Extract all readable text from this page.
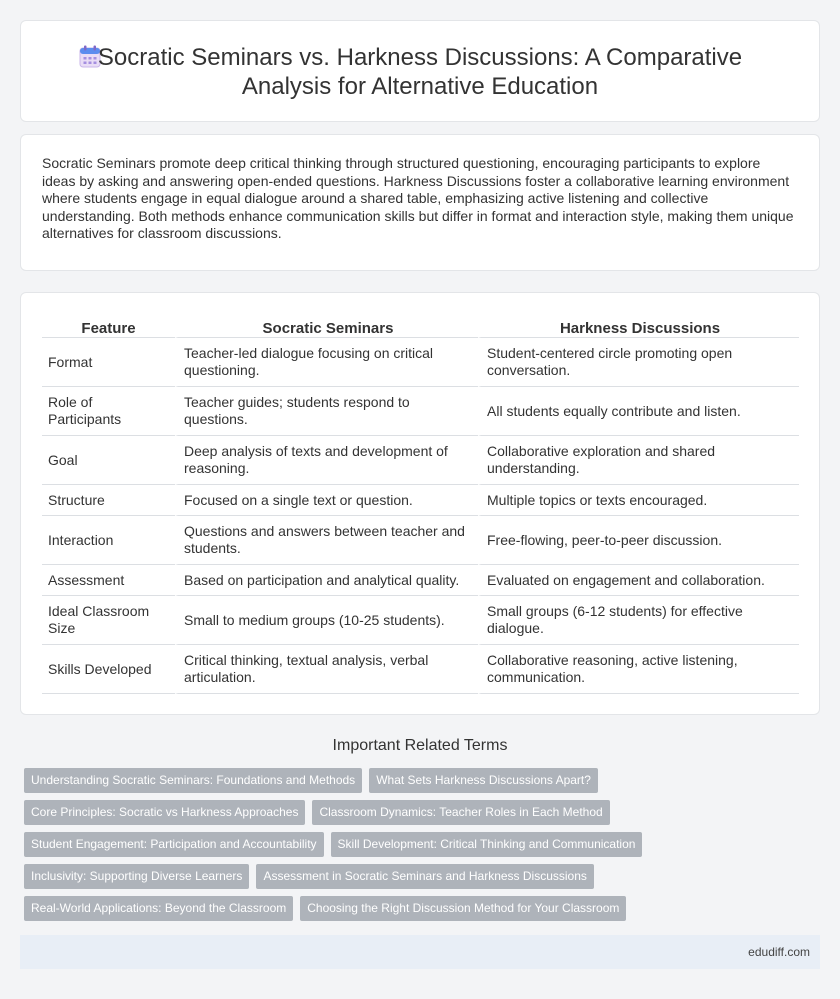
Socratic Seminars vs. Harkness Discussions: A Comparative
Analysis for Alternative Education

Socratic Seminars promote deep critical thinking through structured questioning, encouraging participants to explore ideas by asking and answering open-ended questions. Harkness Discussions foster a collaborative learning environment where students engage in equal dialogue around a shared table, emphasizing active listening and collective understanding. Both methods enhance communication skills but differ in format and interaction style, making them unique alternatives for classroom discussions.

Feature	Socratic Seminars	Harkness Discussions
Format	Teacher-led dialogue focusing on critical questioning.	Student-centered circle promoting open conversation.
Role of Participants	Teacher guides; students respond to questions.	All students equally contribute and listen.
Goal	Deep analysis of texts and development of reasoning.	Collaborative exploration and shared understanding.
Structure	Focused on a single text or question.	Multiple topics or texts encouraged.
Interaction	Questions and answers between teacher and students.	Free-flowing, peer-to-peer discussion.
Assessment	Based on participation and analytical quality.	Evaluated on engagement and collaboration.
Ideal Classroom Size	Small to medium groups (10-25 students).	Small groups (6-12 students) for effective dialogue.
Skills Developed	Critical thinking, textual analysis, verbal articulation.	Collaborative reasoning, active listening, communication.
Important Related Terms
Understanding Socratic Seminars: Foundations and Methods	What Sets Harkness Discussions Apart?
Core Principles: Socratic vs Harkness Approaches	Classroom Dynamics: Teacher Roles in Each Method
Student Engagement: Participation and Accountability	Skill Development: Critical Thinking and Communication
Inclusivity: Supporting Diverse Learners	Assessment in Socratic Seminars and Harkness Discussions
Real-World Applications: Beyond the Classroom	Choosing the Right Discussion Method for Your Classroom
edudiff.com
